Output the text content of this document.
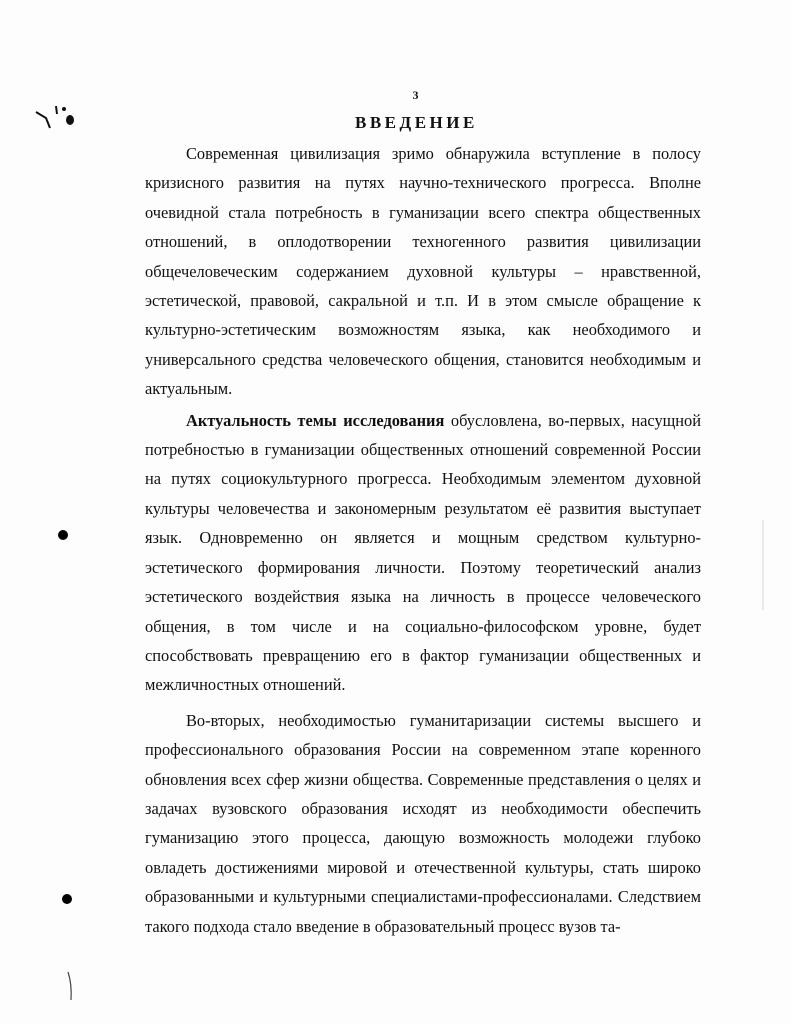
3
ВВЕДЕНИЕ

Современная цивилизация зримо обнаружила вступление в полосу кризисного развития на путях научно-технического прогресса. Вполне очевидной стала потребность в гуманизации всего спектра общественных отношений, в оплодотворении техногенного развития цивилизации общечеловеческим содержанием духовной культуры – нравственной, эстетической, правовой, сакральной и т.п. И в этом смысле обращение к культурно-эстетическим возможностям языка, как необходимого и универсального средства человеческого общения, становится необходимым и актуальным.

Актуальность темы исследования обусловлена, во-первых, насущной потребностью в гуманизации общественных отношений современной России на путях социокультурного прогресса. Необходимым элементом духовной культуры человечества и закономерным результатом её развития выступает язык. Одновременно он является и мощным средством культурно-эстетического формирования личности. Поэтому теоретический анализ эстетического воздействия языка на личность в процессе человеческого общения, в том числе и на социально-философском уровне, будет способствовать превращению его в фактор гуманизации общественных и межличностных отношений.

Во-вторых, необходимостью гуманитаризации системы высшего и профессионального образования России на современном этапе коренного обновления всех сфер жизни общества. Современные представления о целях и задачах вузовского образования исходят из необходимости обеспечить гуманизацию этого процесса, дающую возможность молодежи глубоко овладеть достижениями мировой и отечественной культуры, стать широко образованными и культурными специалистами-профессионалами. Следствием такого подхода стало введение в образовательный процесс вузов та-
